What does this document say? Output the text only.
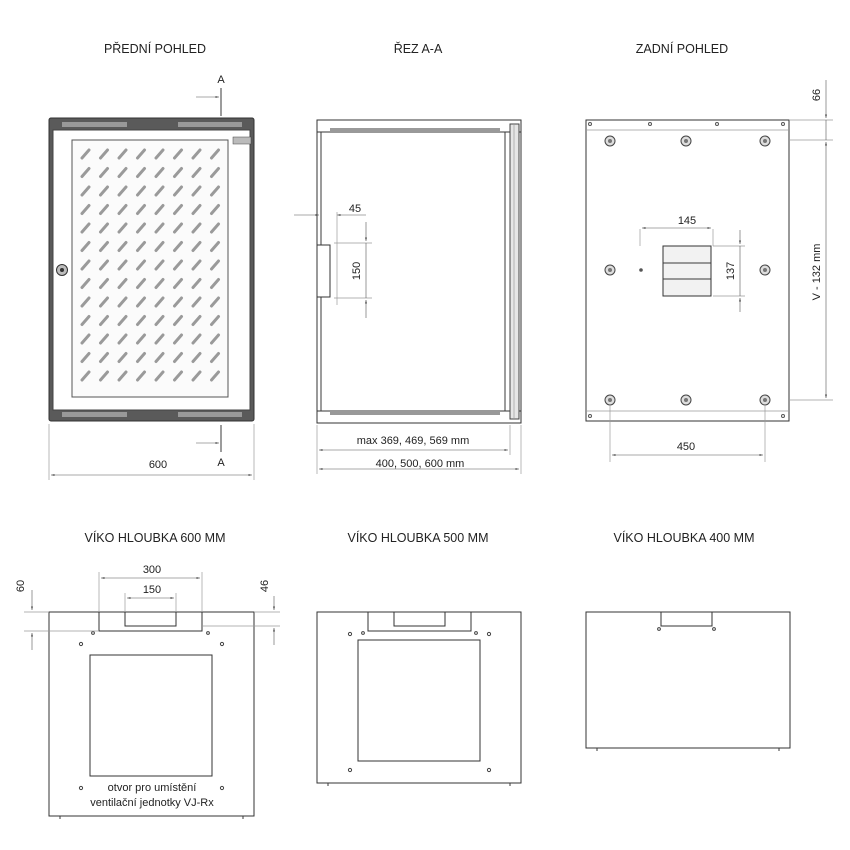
PŘEDNÍ POHLED	ŘEZ A-A	ZADNÍ POHLED
VÍKO HLOUBKA 600 MM	VÍKO HLOUBKA 500 MM	VÍKO HLOUBKA 400 MM
A
A
600
45
150
max 369, 469, 569 mm
400, 500, 600 mm
145
137
66
V - 132 mm
450
300
150
60	46
otvor pro umístění
ventilační jednotky VJ-Rx
